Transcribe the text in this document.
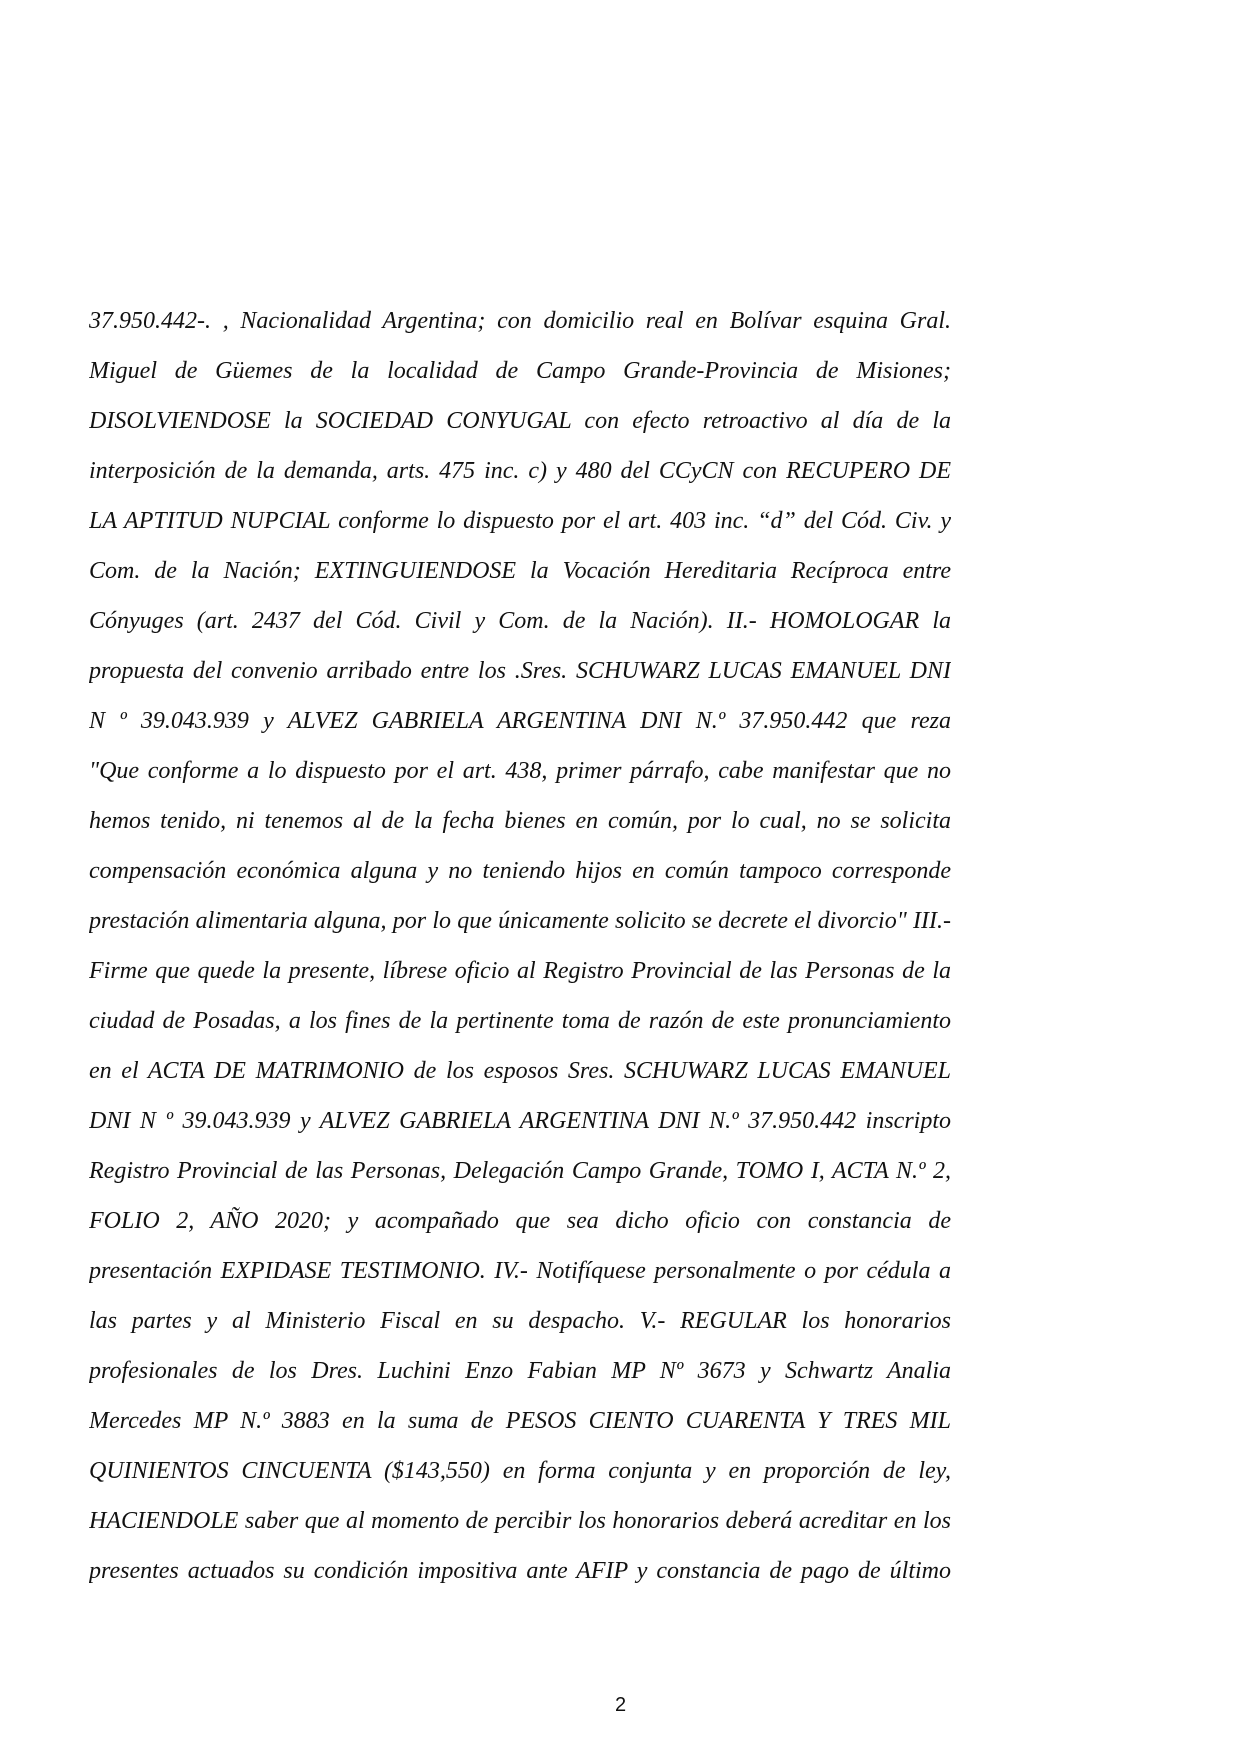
37.950.442-. , Nacionalidad Argentina; con domicilio real en Bolívar esquina Gral.
Miguel de Güemes de la localidad de Campo Grande-Provincia de Misiones;
DISOLVIENDOSE la SOCIEDAD CONYUGAL con efecto retroactivo al día de la
interposición de la demanda, arts. 475 inc. c) y 480 del CCyCN con RECUPERO DE
LA APTITUD NUPCIAL conforme lo dispuesto por el art. 403 inc. “d” del Cód. Civ. y
Com. de la Nación; EXTINGUIENDOSE la Vocación Hereditaria Recíproca entre
Cónyuges (art. 2437 del Cód. Civil y Com. de la Nación). II.- HOMOLOGAR la
propuesta del convenio arribado entre los .Sres. SCHUWARZ LUCAS EMANUEL DNI
N º 39.043.939 y ALVEZ GABRIELA ARGENTINA DNI N.º 37.950.442 que reza
"Que conforme a lo dispuesto por el art. 438, primer párrafo, cabe manifestar que no
hemos tenido, ni tenemos al de la fecha bienes en común, por lo cual, no se solicita
compensación económica alguna y no teniendo hijos en común tampoco corresponde
prestación alimentaria alguna, por lo que únicamente solicito se decrete el divorcio" III.-
Firme que quede la presente, líbrese oficio al Registro Provincial de las Personas de la
ciudad de Posadas, a los fines de la pertinente toma de razón de este pronunciamiento
en el ACTA DE MATRIMONIO de los esposos Sres. SCHUWARZ LUCAS EMANUEL
DNI N º 39.043.939 y ALVEZ GABRIELA ARGENTINA DNI N.º 37.950.442 inscripto
Registro Provincial de las Personas, Delegación Campo Grande, TOMO I, ACTA N.º 2,
FOLIO 2, AÑO 2020; y acompañado que sea dicho oficio con constancia de
presentación EXPIDASE TESTIMONIO. IV.- Notifíquese personalmente o por cédula a
las partes y al Ministerio Fiscal en su despacho. V.- REGULAR los honorarios
profesionales de los Dres. Luchini Enzo Fabian MP Nº 3673 y Schwartz Analia
Mercedes MP N.º 3883 en la suma de PESOS CIENTO CUARENTA Y TRES MIL
QUINIENTOS CINCUENTA ($143,550) en forma conjunta y en proporción de ley,
HACIENDOLE saber que al momento de percibir los honorarios deberá acreditar en los
presentes actuados su condición impositiva ante AFIP y constancia de pago de último
2
